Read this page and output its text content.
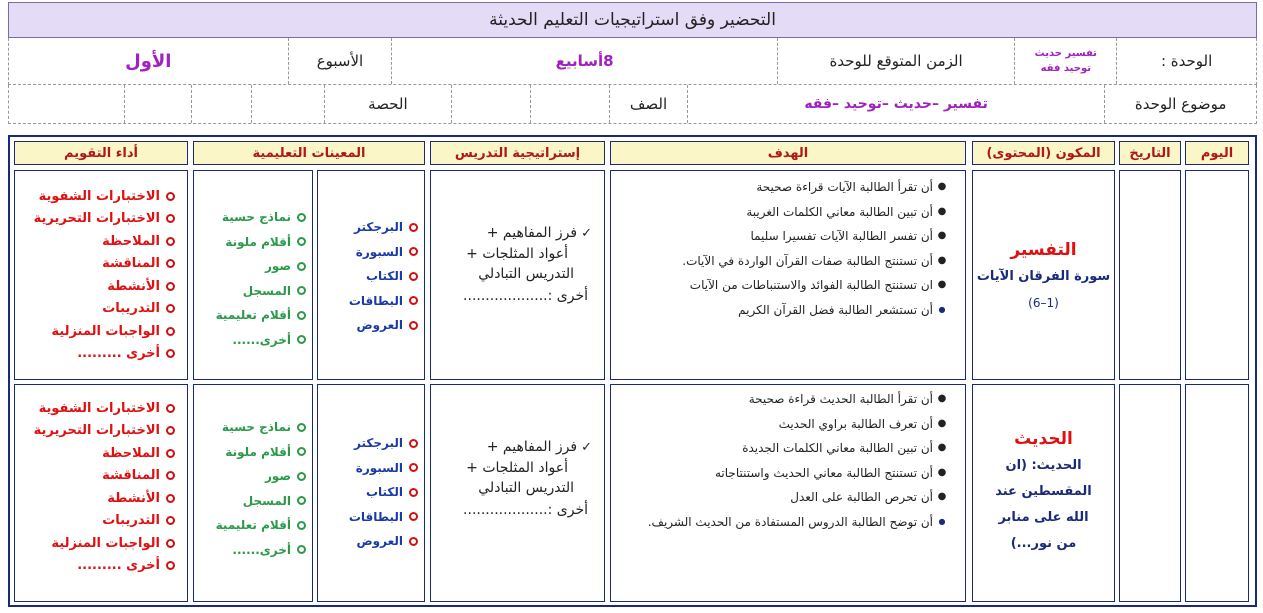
التحضير وفق استراتيجيات التعليم الحديثة
الوحدة :
تفسير حديث
توحيد فقه
الزمن المتوقع للوحدة
8أسابيع
الأسبوع
الأول
موضوع الوحدة
تفسير –حديث –توحيد –فقه
الصف
الحصة
اليوم
التاريخ
المكون (المحتوى)
الهدف
إستراتيجية التدريس
المعينات التعليمية
أداء التقويم
التفسير
سورة الفرقان الآيات
(1–6)
●
أن تقرأ الطالبة الآيات قراءة صحيحة
●
أن تبين الطالبة معاني الكلمات الغريبة
●
أن تفسر الطالبة الآيات تفسيرا سليما
●
أن تستنتج الطالبة صفات القرآن الواردة في الآيات.
●
ان تستنتج الطالبة الفوائد والاستنباطات من الآيات
●
أن تستشعر الطالبة فضل القرآن الكريم
✓فرز المفاهيم +
أعواد المثلجات +
التدريس التبادلي
أخرى :...................
البرجكتر
السبورة
الكتاب
البطاقات
العروض
نماذج حسية
أقلام ملونة
صور
المسجل
أقلام تعليمية
أخرى......
الاختبارات الشفوية
الاختبارات التحريرية
الملاحظة
المناقشة
الأنشطة
التدريبات
الواجبات المنزلية
أخرى .........
الحديث
الحديث: (ان
المقسطين عند الله على منابر من نور...)
●
أن تقرأ الطالبة الحديث قراءة صحيحة
●
أن تعرف الطالبة براوي الحديث
●
أن تبين الطالبة معاني الكلمات الجديدة
●
أن تستنتج الطالبة معاني الحديث واستنتاجاته
●
أن تحرص الطالبة على العدل
●
أن توضح الطالبة الدروس المستفادة من الحديث الشريف.
✓فرز المفاهيم +
أعواد المثلجات +
التدريس التبادلي
أخرى :...................
البرجكتر
السبورة
الكتاب
البطاقات
العروض
نماذج حسية
أقلام ملونة
صور
المسجل
أقلام تعليمية
أخرى......
الاختبارات الشفوية
الاختبارات التحريرية
الملاحظة
المناقشة
الأنشطة
التدريبات
الواجبات المنزلية
أخرى .........
